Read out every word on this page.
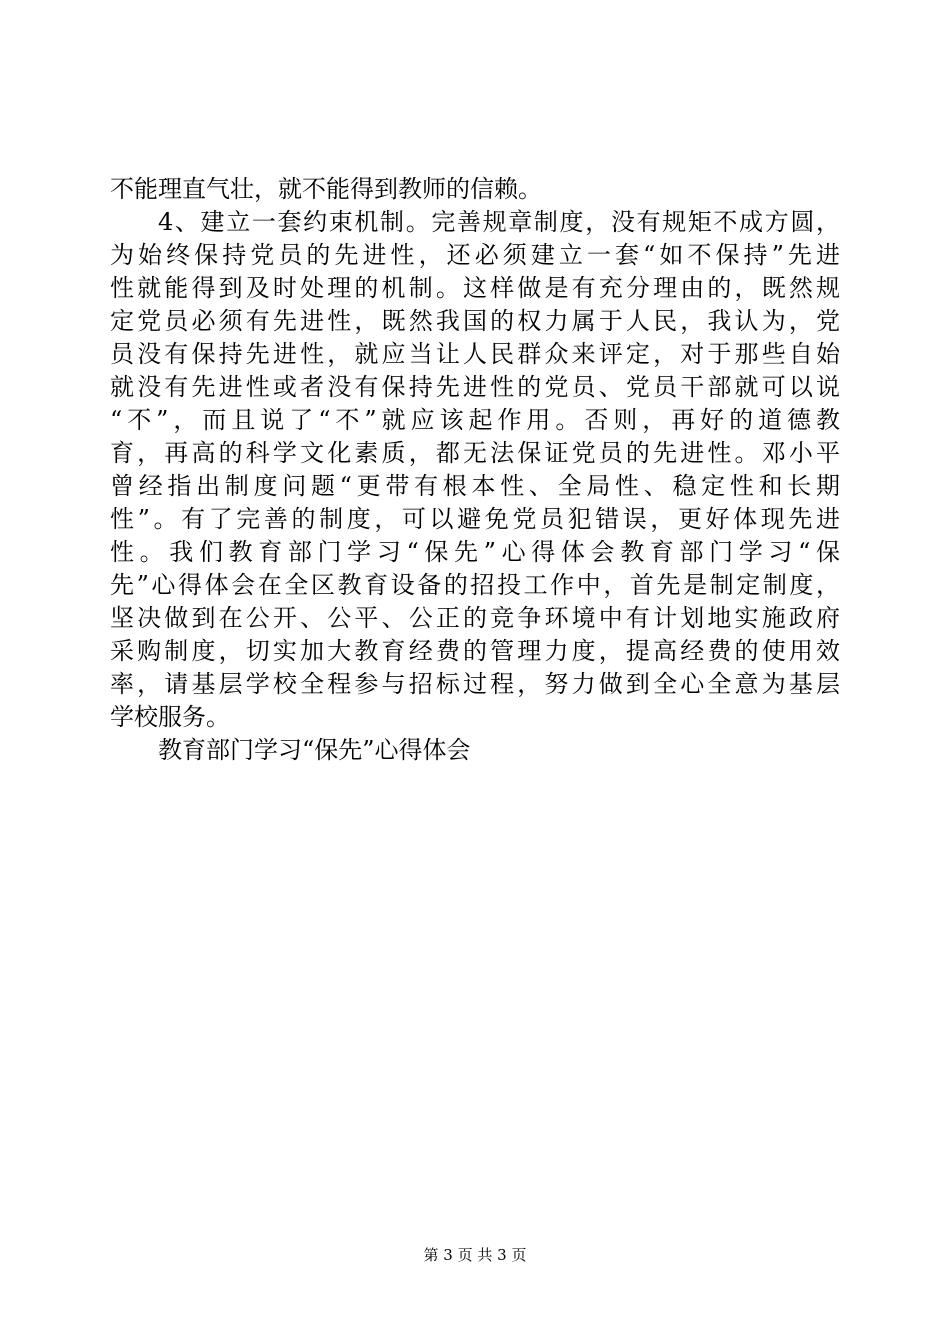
不能理直气壮，就不能得到教师的信赖。
4、建立一套约束机制。完善规章制度，没有规矩不成方圆，
为始终保持党员的先进性，还必须建立一套“如不保持”先进
性就能得到及时处理的机制。这样做是有充分理由的，既然规
定党员必须有先进性，既然我国的权力属于人民，我认为，党
员没有保持先进性，就应当让人民群众来评定，对于那些自始
就没有先进性或者没有保持先进性的党员、党员干部就可以说
“不”，而且说了“不”就应该起作用。否则，再好的道德教
育，再高的科学文化素质，都无法保证党员的先进性。邓小平
曾经指出制度问题“更带有根本性、全局性、稳定性和长期
性”。有了完善的制度，可以避免党员犯错误，更好体现先进
性。我们教育部门学习“保先”心得体会教育部门学习“保
先”心得体会在全区教育设备的招投工作中，首先是制定制度，
坚决做到在公开、公平、公正的竞争环境中有计划地实施政府
采购制度，切实加大教育经费的管理力度，提高经费的使用效
率，请基层学校全程参与招标过程，努力做到全心全意为基层
学校服务。
教育部门学习“保先”心得体会
第 3 页 共 3 页
